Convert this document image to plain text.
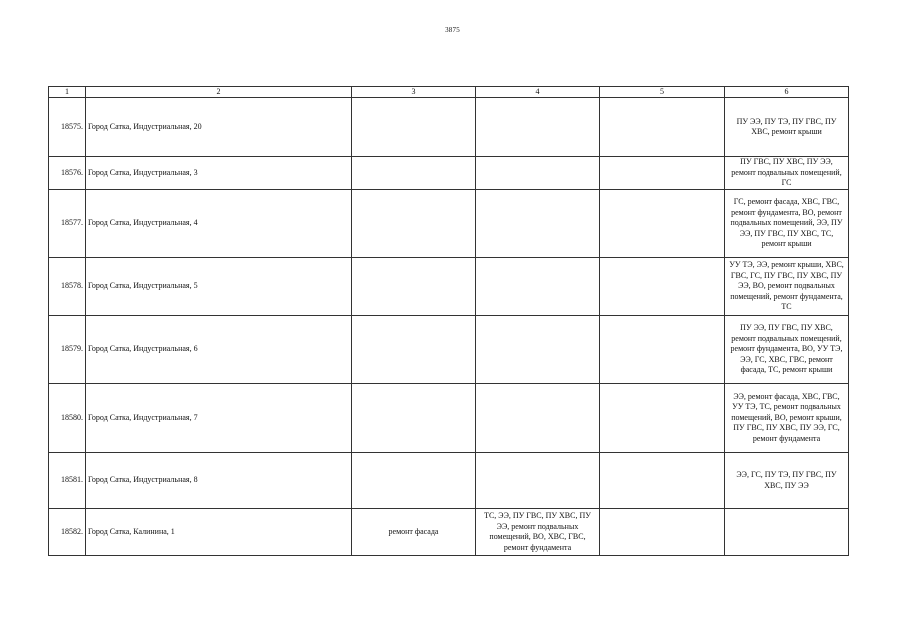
3875
1	2	3	4	5	6
18575.	Город Сатка, Индустриальная, 20				ПУ ЭЭ, ПУ ТЭ, ПУ ГВС, ПУ ХВС, ремонт крыши
18576.	Город Сатка, Индустриальная, 3				ПУ ГВС, ПУ ХВС, ПУ ЭЭ, ремонт подвальных помещений, ГС
18577.	Город Сатка, Индустриальная, 4				ГС, ремонт фасада, ХВС, ГВС, ремонт фундамента, ВО, ремонт подвальных помещений, ЭЭ, ПУ ЭЭ, ПУ ГВС, ПУ ХВС, ТС, ремонт крыши
18578.	Город Сатка, Индустриальная, 5				УУ ТЭ, ЭЭ, ремонт крыши, ХВС, ГВС, ГС, ПУ ГВС, ПУ ХВС, ПУ ЭЭ, ВО, ремонт подвальных помещений, ремонт фундамента, ТС
18579.	Город Сатка, Индустриальная, 6				ПУ ЭЭ, ПУ ГВС, ПУ ХВС, ремонт подвальных помещений, ремонт фундамента, ВО, УУ ТЭ, ЭЭ, ГС, ХВС, ГВС, ремонт фасада, ТС, ремонт крыши
18580.	Город Сатка, Индустриальная, 7				ЭЭ, ремонт фасада, ХВС, ГВС, УУ ТЭ, ТС, ремонт подвальных помещений, ВО, ремонт крыши, ПУ ГВС, ПУ ХВС, ПУ ЭЭ, ГС, ремонт фундамента
18581.	Город Сатка, Индустриальная, 8				ЭЭ, ГС, ПУ ТЭ, ПУ ГВС, ПУ ХВС, ПУ ЭЭ
18582.	Город Сатка, Калинина, 1	ремонт фасада	ТС, ЭЭ, ПУ ГВС, ПУ ХВС, ПУ ЭЭ, ремонт подвальных помещений, ВО, ХВС, ГВС, ремонт фундамента		
